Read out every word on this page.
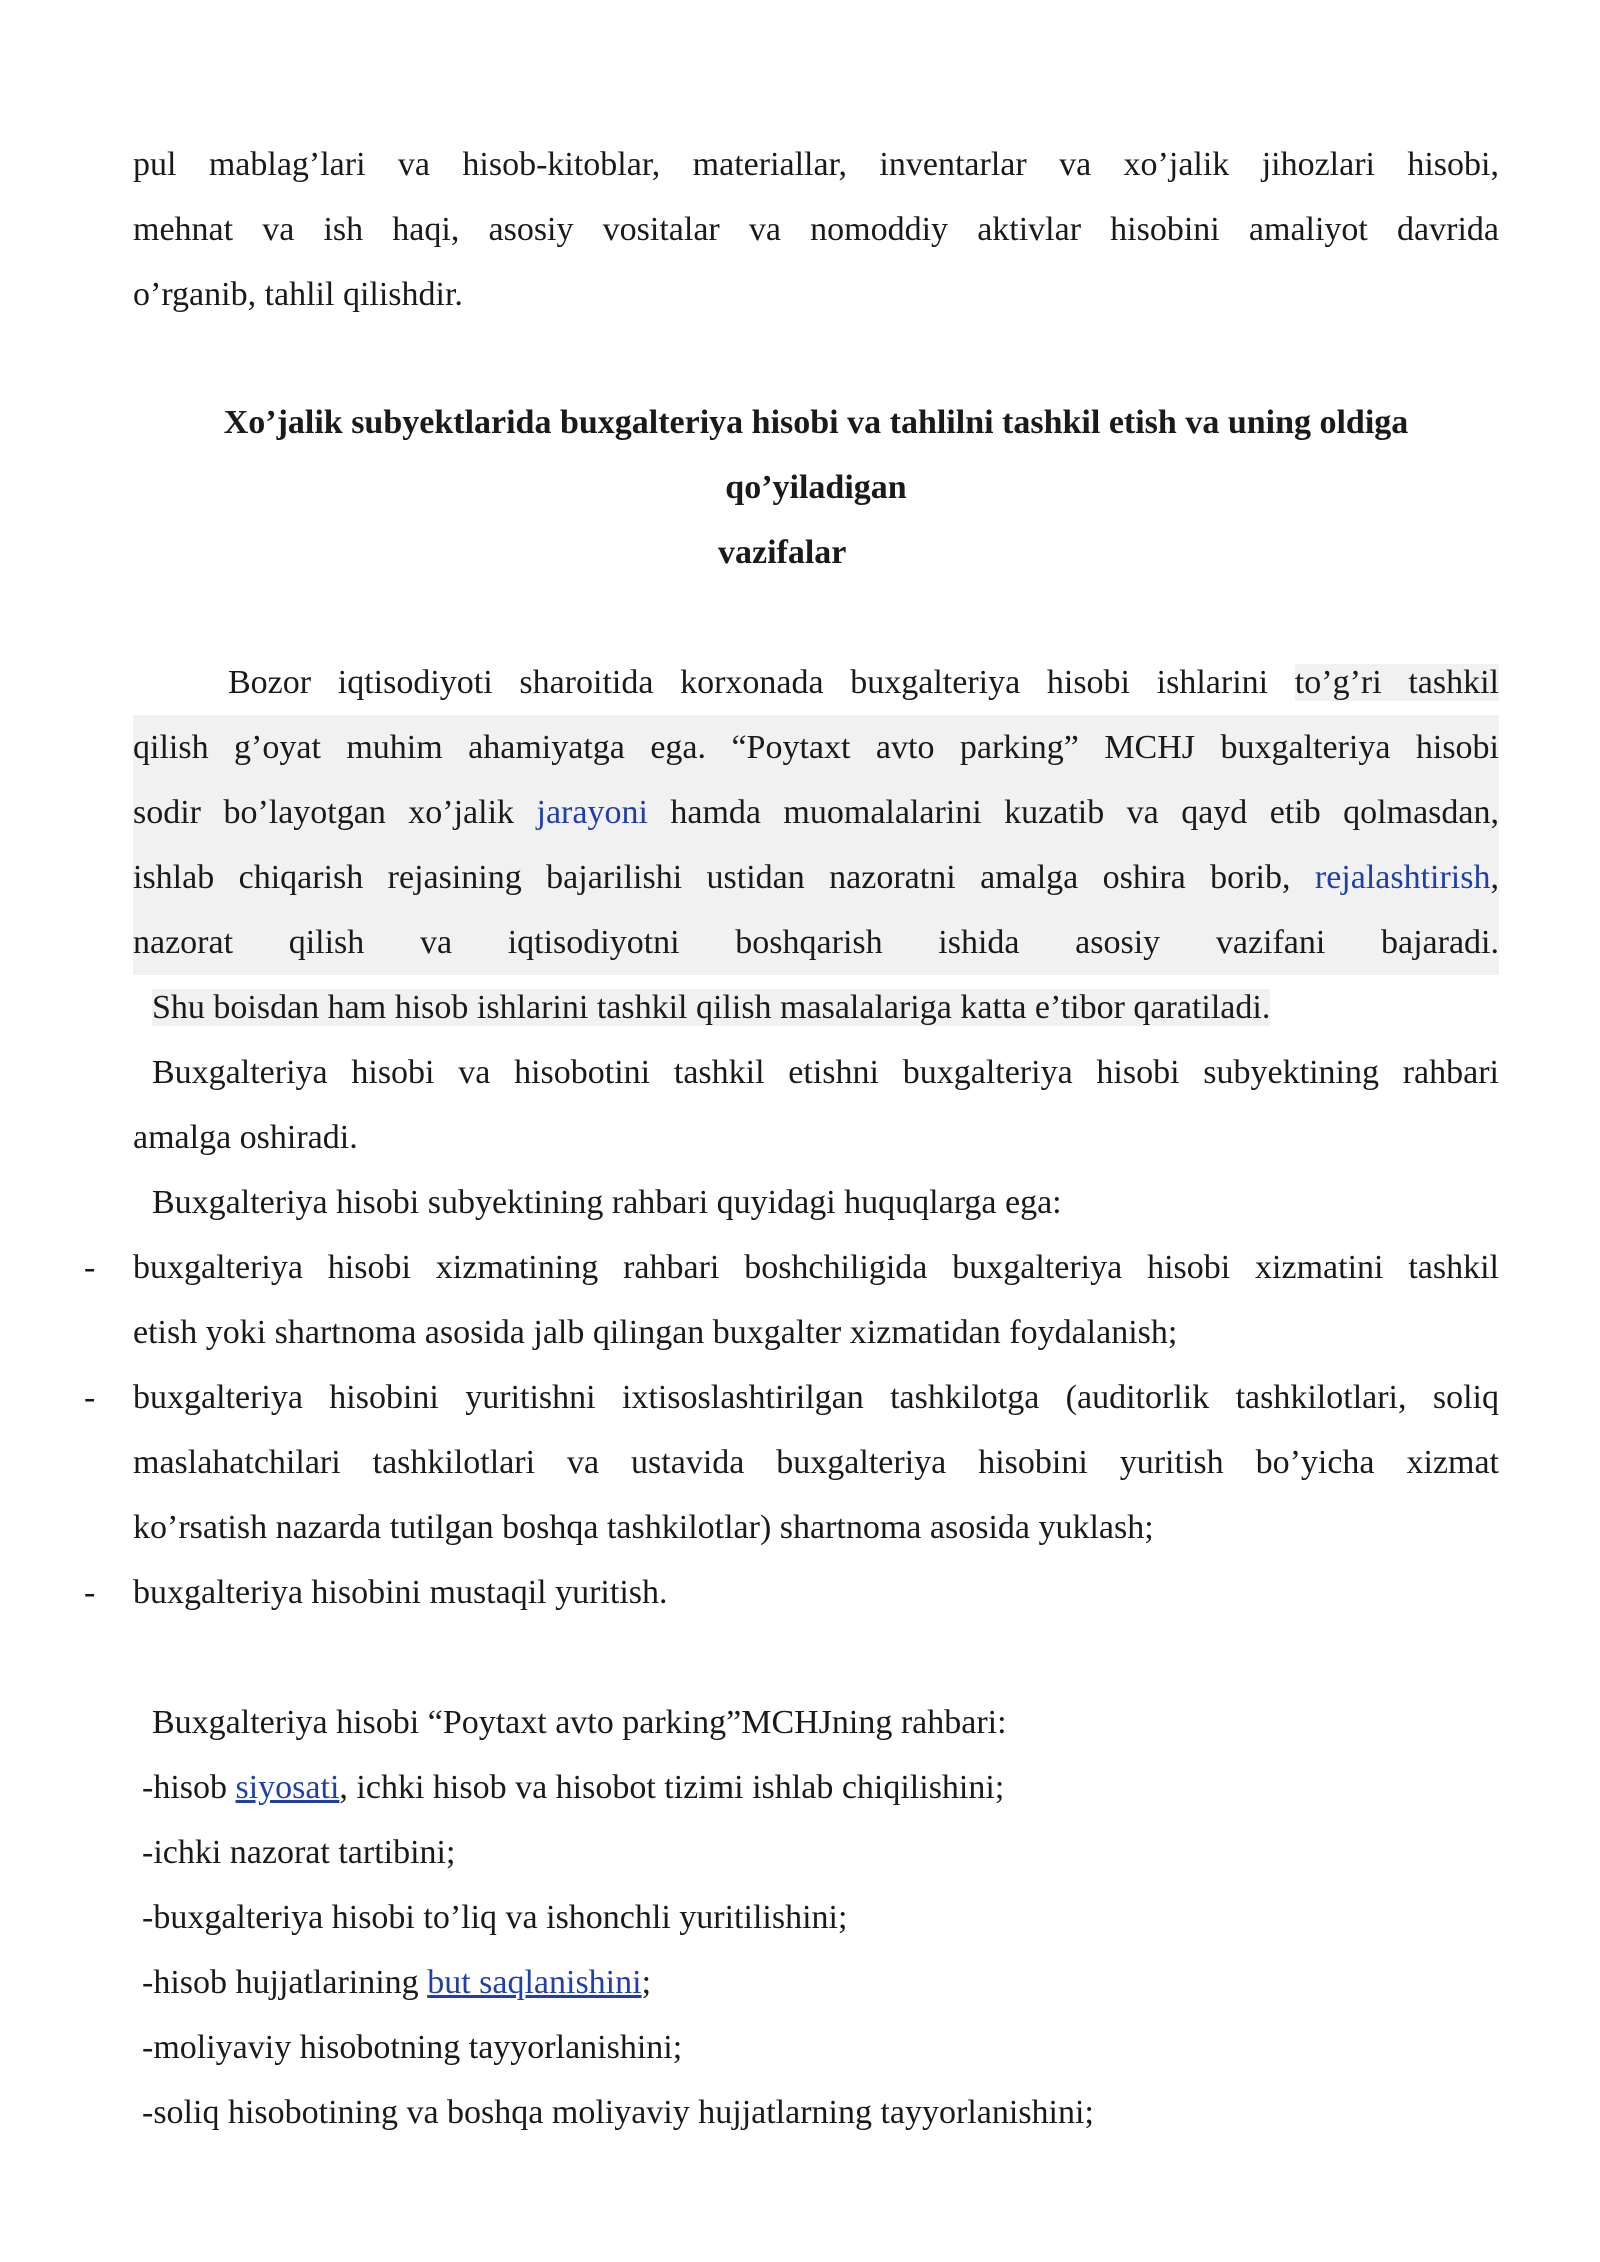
pul mablag’lari va hisob-kitoblar, materiallar, inventarlar va xo’jalik jihozlari hisobi,

mehnat va ish haqi, asosiy vositalar va nomoddiy aktivlar hisobini amaliyot davrida

o’rganib, tahlil qilishdir.

Xo’jalik subyektlarida buxgalteriya hisobi va tahlilni tashkil etish va uning oldiga

qo’yiladigan

vazifalar

Bozor iqtisodiyoti sharoitida korxonada buxgalteriya hisobi ishlarini to’g’ri tashkil

qilish g’oyat muhim ahamiyatga ega. “Poytaxt avto parking” MCHJ buxgalteriya hisobi

sodir bo’layotgan xo’jalik jarayoni hamda muomalalarini kuzatib va qayd etib qolmasdan,

ishlab chiqarish rejasining bajarilishi ustidan nazoratni amalga oshira borib, rejalashtirish,

nazorat qilish va iqtisodiyotni boshqarish ishida asosiy vazifani bajaradi.

Shu boisdan ham hisob ishlarini tashkil qilish masalalariga katta e’tibor qaratiladi.

Buxgalteriya hisobi va hisobotini tashkil etishni buxgalteriya hisobi subyektining rahbari

amalga oshiradi.

Buxgalteriya hisobi subyektining rahbari quyidagi huquqlarga ega:

- buxgalteriya hisobi xizmatining rahbari boshchiligida buxgalteriya hisobi xizmatini tashkil

etish yoki shartnoma asosida jalb qilingan buxgalter xizmatidan foydalanish;

- buxgalteriya hisobini yuritishni ixtisoslashtirilgan tashkilotga (auditorlik tashkilotlari, soliq

maslahatchilari tashkilotlari va ustavida buxgalteriya hisobini yuritish bo’yicha xizmat

ko’rsatish nazarda tutilgan boshqa tashkilotlar) shartnoma asosida yuklash;

- buxgalteriya hisobini mustaqil yuritish.

Buxgalteriya hisobi “Poytaxt avto parking”MCHJning rahbari:

-hisob siyosati, ichki hisob va hisobot tizimi ishlab chiqilishini;

-ichki nazorat tartibini;

-buxgalteriya hisobi to’liq va ishonchli yuritilishini;

-hisob hujjatlarining but saqlanishini;

-moliyaviy hisobotning tayyorlanishini;

-soliq hisobotining va boshqa moliyaviy hujjatlarning tayyorlanishini;
